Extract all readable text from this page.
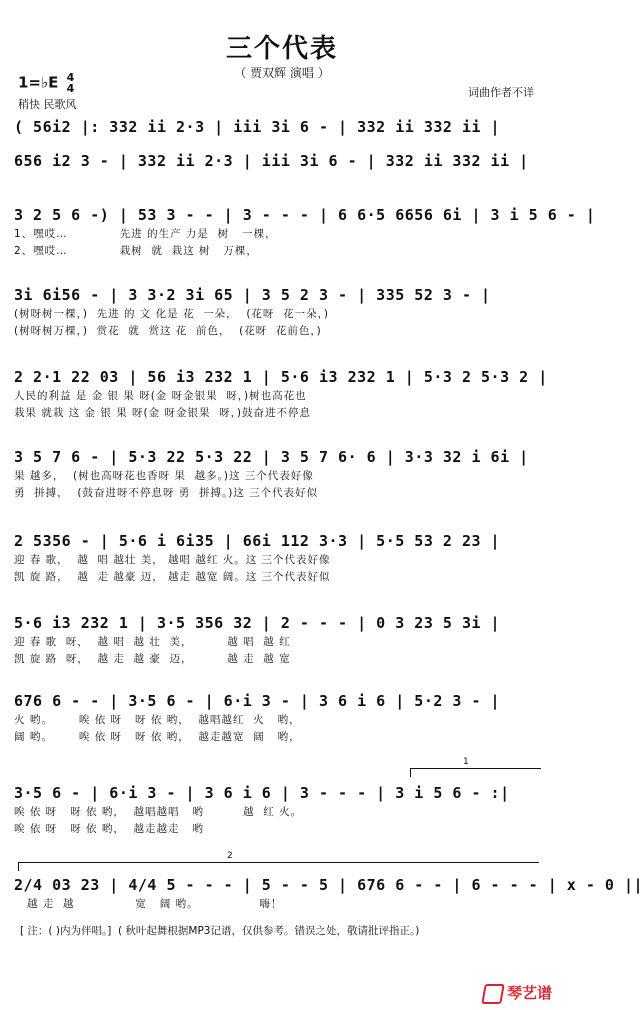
三个代表
（ 贾双辉 演唱 ）
1=♭E 4
4
稍快 民歌风
词曲作者不详
( 56i2 |: 332 ii 2·3 | iii 3i 6 - | 332 ii 332 ii |
656 i2 3 - | 332 ii 2·3 | iii 3i 6 - | 332 ii 332 ii |
3 2 5 6 -) | 53 3 - - | 3 - - - | 6 6·5 6656 6i | 3 i 5 6 - |
1、嘿哎…            先进 的生产 力是  树   一棵，
2、嘿哎…            栽树  就  栽这 树   万棵，
3i 6i56 - | 3 3·2 3i 65 | 3 5 2 3 - | 335 52 3 - |
(树呀树一棵，)  先进 的 文 化是 花  一朵，  (花呀  花一朵，)
(树呀树万棵，)  赏花  就  赏这 花  前色，  (花呀  花前色，)
2 2·1 22 03 | 56 i3 232 1 | 5·6 i3 232 1 | 5·3 2 5·3 2 |
人民的利益 是 金 银 果 呀(金 呀金银果  呀，)树也高花也
栽果 就栽 这 金 银 果 呀(金 呀金银果  呀，)鼓奋进不停息
3 5 7 6 - | 5·3 22 5·3 22 | 3 5 7 6· 6 | 3·3 32 i 6i |
果 越多，  (树也高呀花也香呀 果  越多。)这 三个代表好像
勇  拼搏，  (鼓奋进呀不停息呀 勇  拼搏。)这 三个代表好似
2 5356 - | 5·6 i 6i35 | 66i 112 3·3 | 5·5 53 2 23 |
迎 春 歌，  越  唱 越壮 美， 越唱 越红 火。这 三个代表好像
凯 旋 路，  越  走 越豪 迈， 越走 越宽 阔。这 三个代表好似
5·6 i3 232 1 | 3·5 356 32 | 2 - - - | 0 3 23 5 3i |
迎 春 歌  呀，  越 唱  越 壮  美，        越 唱  越 红
凯 旋 路  呀，  越 走  越 豪  迈，        越 走  越 宽
676 6 - - | 3·5 6 - | 6·i 3 - | 3 6 i 6 | 5·2 3 - |
火 哟。      唉 依 呀   呀 依 哟，  越唱越红  火   哟，
阔 哟。      唉 依 呀   呀 依 哟，  越走越宽  阔   哟，
3·5 6 - | 6·i 3 - | 3 6 i 6 | 3 - - - | 3 i 5 6 - :|
唉 依 呀   呀 依 哟，  越唱越唱   哟         越  红 火。
唉 依 呀   呀 依 哟，  越走越走   哟
2/4 03 23 | 4/4 5 - - - | 5 - - 5 | 676 6 - - | 6 - - - | x - 0 ||
越 走  越              宽   阔 哟。              嗨！
1
2
[ 注：( )内为伴唱。]  ( 秋叶起舞根据MP3记谱，仅供参考。错误之处，敬请批评指正。)
琴艺谱
